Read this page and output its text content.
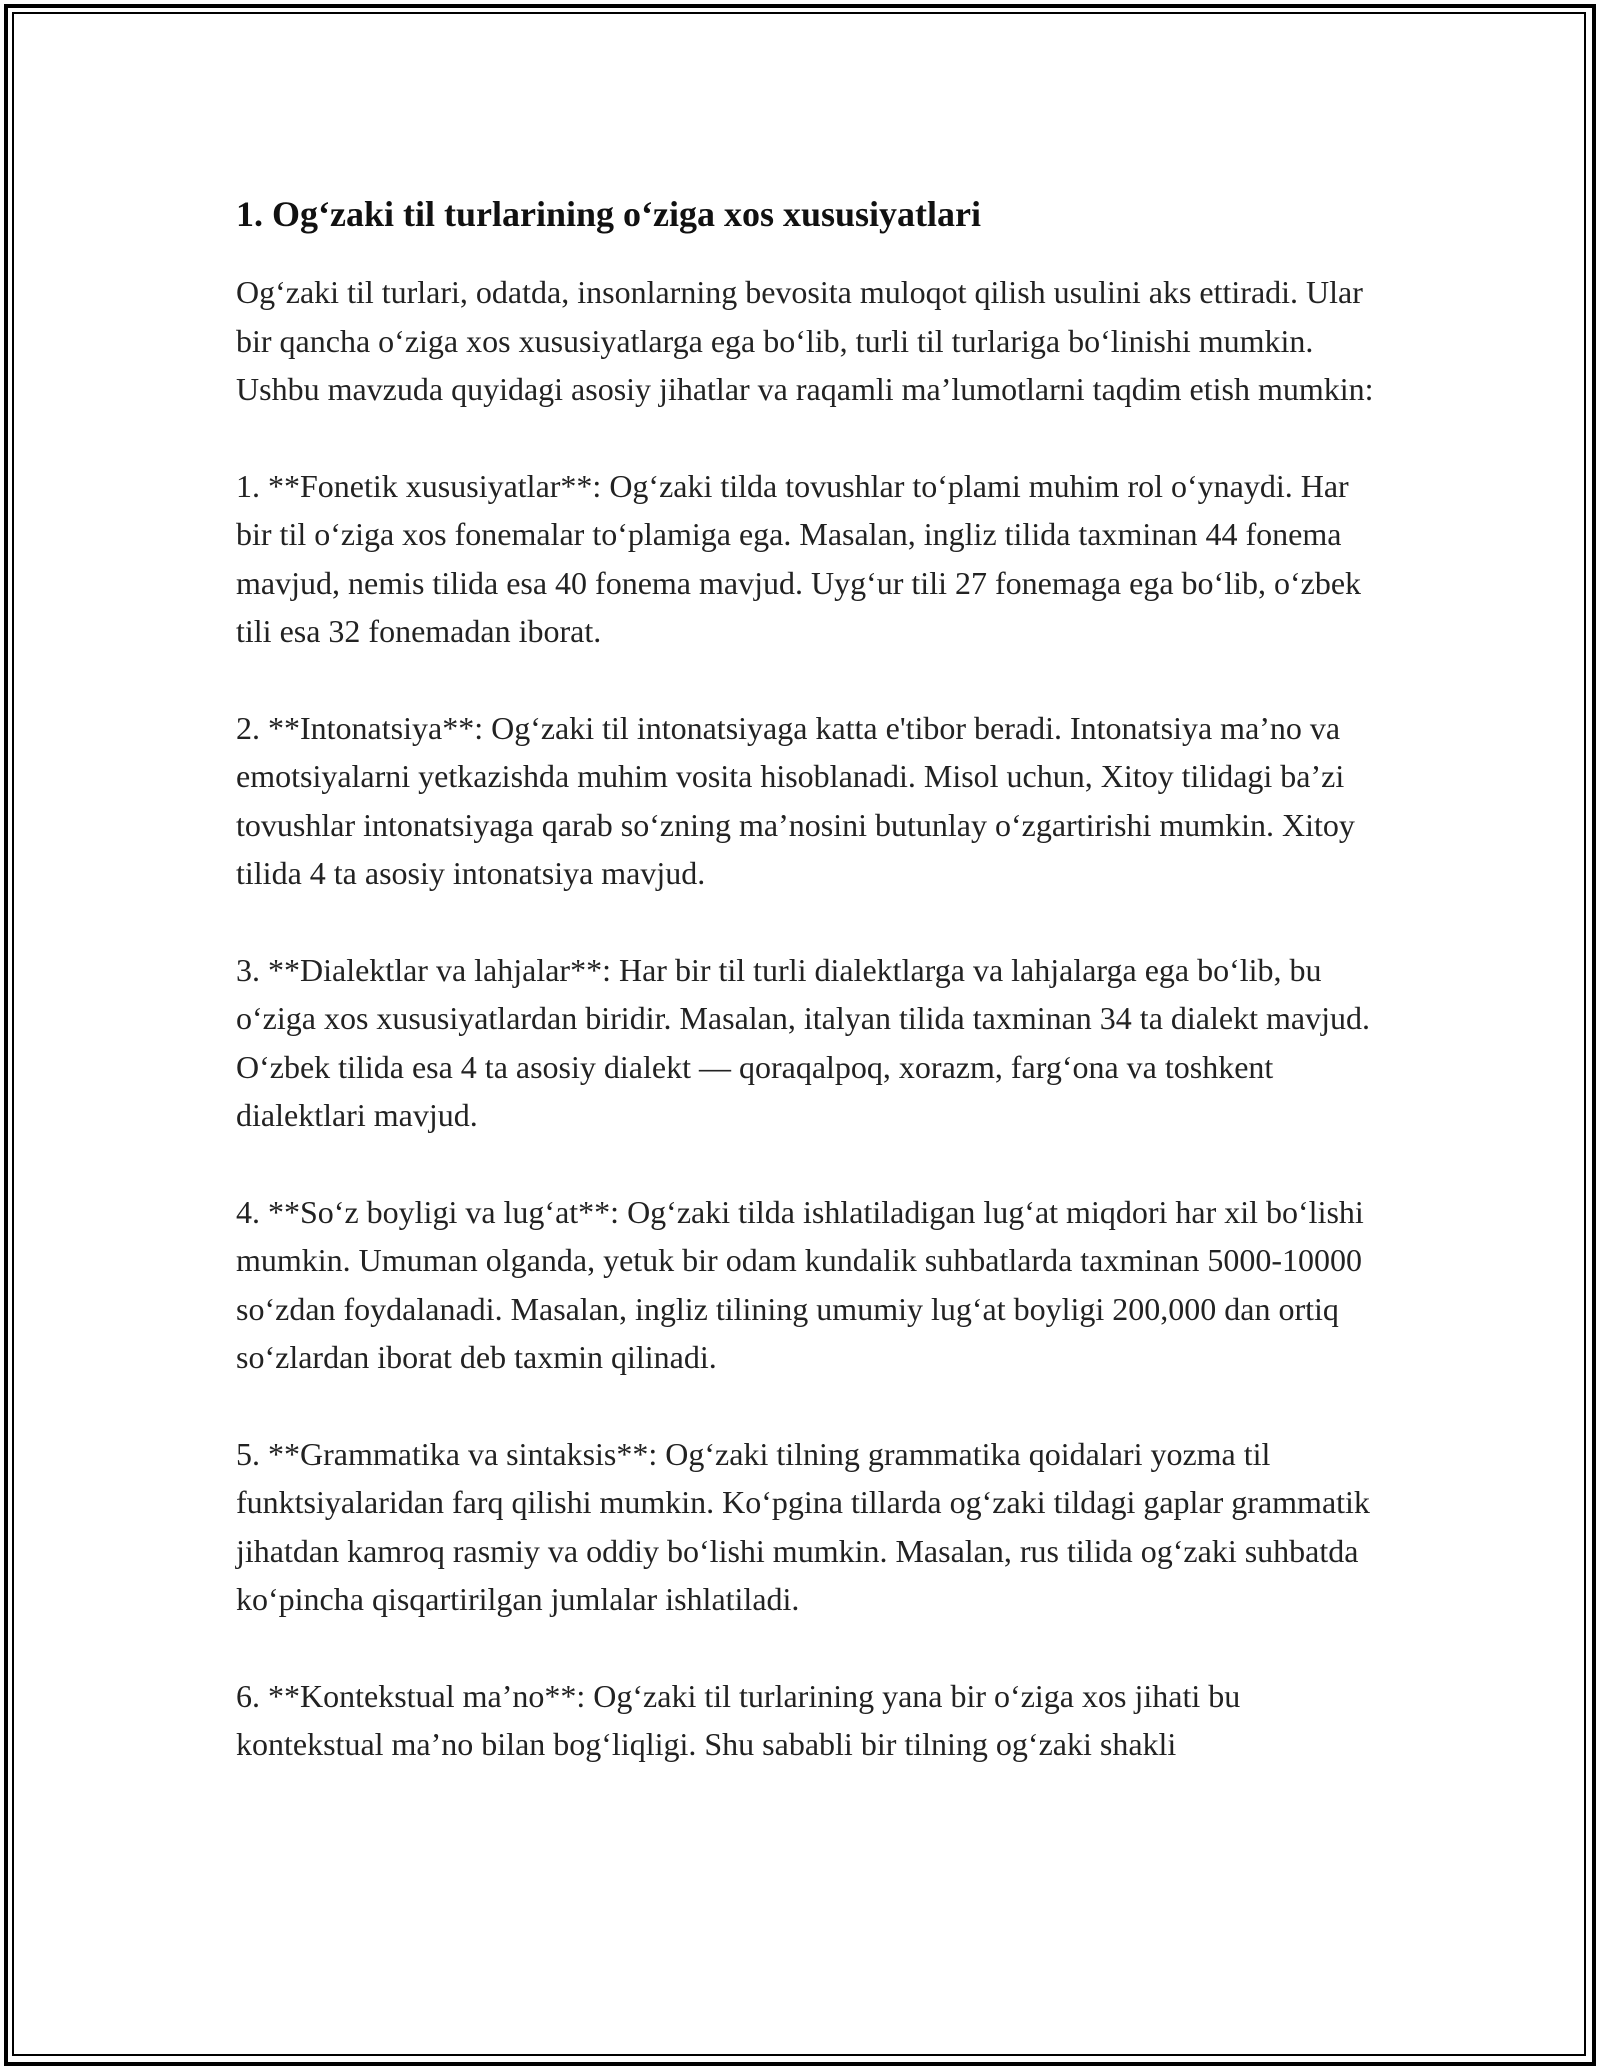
1. Og‘zaki til turlarining o‘ziga xos xususiyatlari

Og‘zaki til turlari, odatda, insonlarning bevosita muloqot qilish usulini aks ettiradi. Ular bir qancha o‘ziga xos xususiyatlarga ega bo‘lib, turli til turlariga bo‘linishi mumkin. Ushbu mavzuda quyidagi asosiy jihatlar va raqamli ma’lumotlarni taqdim etish mumkin:

1. **Fonetik xususiyatlar**: Og‘zaki tilda tovushlar to‘plami muhim rol o‘ynaydi. Har bir til o‘ziga xos fonemalar to‘plamiga ega. Masalan, ingliz tilida taxminan 44 fonema mavjud, nemis tilida esa 40 fonema mavjud. Uyg‘ur tili 27 fonemaga ega bo‘lib, o‘zbek tili esa 32 fonemadan iborat.

2. **Intonatsiya**: Og‘zaki til intonatsiyaga katta e'tibor beradi. Intonatsiya ma’no va emotsiyalarni yetkazishda muhim vosita hisoblanadi. Misol uchun, Xitoy tilidagi ba’zi tovushlar intonatsiyaga qarab so‘zning ma’nosini butunlay o‘zgartirishi mumkin. Xitoy tilida 4 ta asosiy intonatsiya mavjud.

3. **Dialektlar va lahjalar**: Har bir til turli dialektlarga va lahjalarga ega bo‘lib, bu o‘ziga xos xususiyatlardan biridir. Masalan, italyan tilida taxminan 34 ta dialekt mavjud. O‘zbek tilida esa 4 ta asosiy dialekt — qoraqalpoq, xorazm, farg‘ona va toshkent dialektlari mavjud.

4. **So‘z boyligi va lug‘at**: Og‘zaki tilda ishlatiladigan lug‘at miqdori har xil bo‘lishi mumkin. Umuman olganda, yetuk bir odam kundalik suhbatlarda taxminan 5000-10000 so‘zdan foydalanadi. Masalan, ingliz tilining umumiy lug‘at boyligi 200,000 dan ortiq so‘zlardan iborat deb taxmin qilinadi.

5. **Grammatika va sintaksis**: Og‘zaki tilning grammatika qoidalari yozma til funktsiyalaridan farq qilishi mumkin. Ko‘pgina tillarda og‘zaki tildagi gaplar grammatik jihatdan kamroq rasmiy va oddiy bo‘lishi mumkin. Masalan, rus tilida og‘zaki suhbatda ko‘pincha qisqartirilgan jumlalar ishlatiladi.

6. **Kontekstual ma’no**: Og‘zaki til turlarining yana bir o‘ziga xos jihati bu kontekstual ma’no bilan bog‘liqligi. Shu sababli bir tilning og‘zaki shakli
